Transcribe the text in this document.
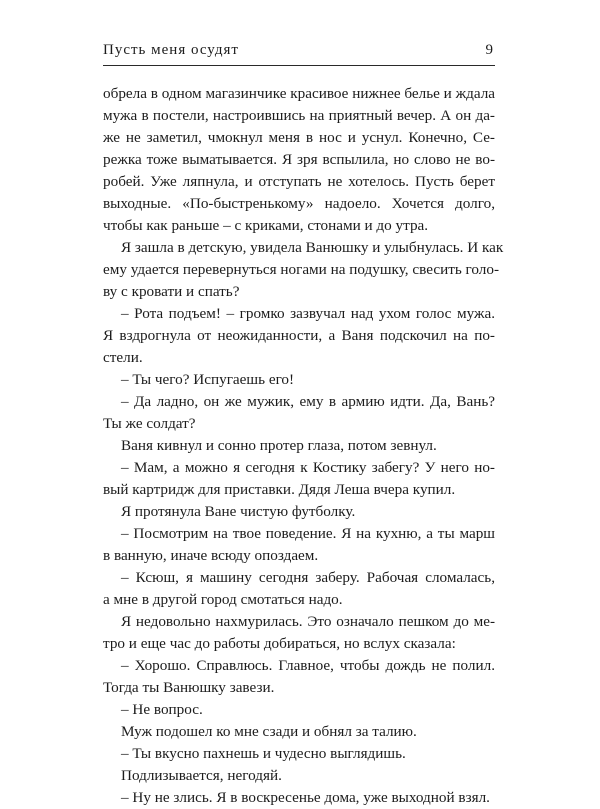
Пусть меня осудят	9
обрела в одном магазинчике красивое нижнее белье и ждала
мужа в постели, настроившись на приятный вечер. А он да-
же не заметил, чмокнул меня в нос и уснул. Конечно, Се-
режка тоже выматывается. Я зря вспылила, но слово не во-
робей. Уже ляпнула, и отступать не хотелось. Пусть берет
выходные. «По-быстренькому» надоело. Хочется долго,
чтобы как раньше – с криками, стонами и до утра.
Я зашла в детскую, увидела Ванюшку и улыбнулась. И как
ему удается перевернуться ногами на подушку, свесить голо-
ву с кровати и спать?
– Рота подъем! – громко зазвучал над ухом голос мужа.
Я вздрогнула от неожиданности, а Ваня подскочил на по-
стели.
– Ты чего? Испугаешь его!
– Да ладно, он же мужик, ему в армию идти. Да, Вань?
Ты же солдат?
Ваня кивнул и сонно протер глаза, потом зевнул.
– Мам, а можно я сегодня к Костику забегу? У него но-
вый картридж для приставки. Дядя Леша вчера купил.
Я протянула Ване чистую футболку.
– Посмотрим на твое поведение. Я на кухню, а ты марш
в ванную, иначе всюду опоздаем.
– Ксюш, я машину сегодня заберу. Рабочая сломалась,
а мне в другой город смотаться надо.
Я недовольно нахмурилась. Это означало пешком до ме-
тро и еще час до работы добираться, но вслух сказала:
– Хорошо. Справлюсь. Главное, чтобы дождь не полил.
Тогда ты Ванюшку завези.
– Не вопрос.
Муж подошел ко мне сзади и обнял за талию.
– Ты вкусно пахнешь и чудесно выглядишь.
Подлизывается, негодяй.
– Ну не злись. Я в воскресенье дома, уже выходной взял.
